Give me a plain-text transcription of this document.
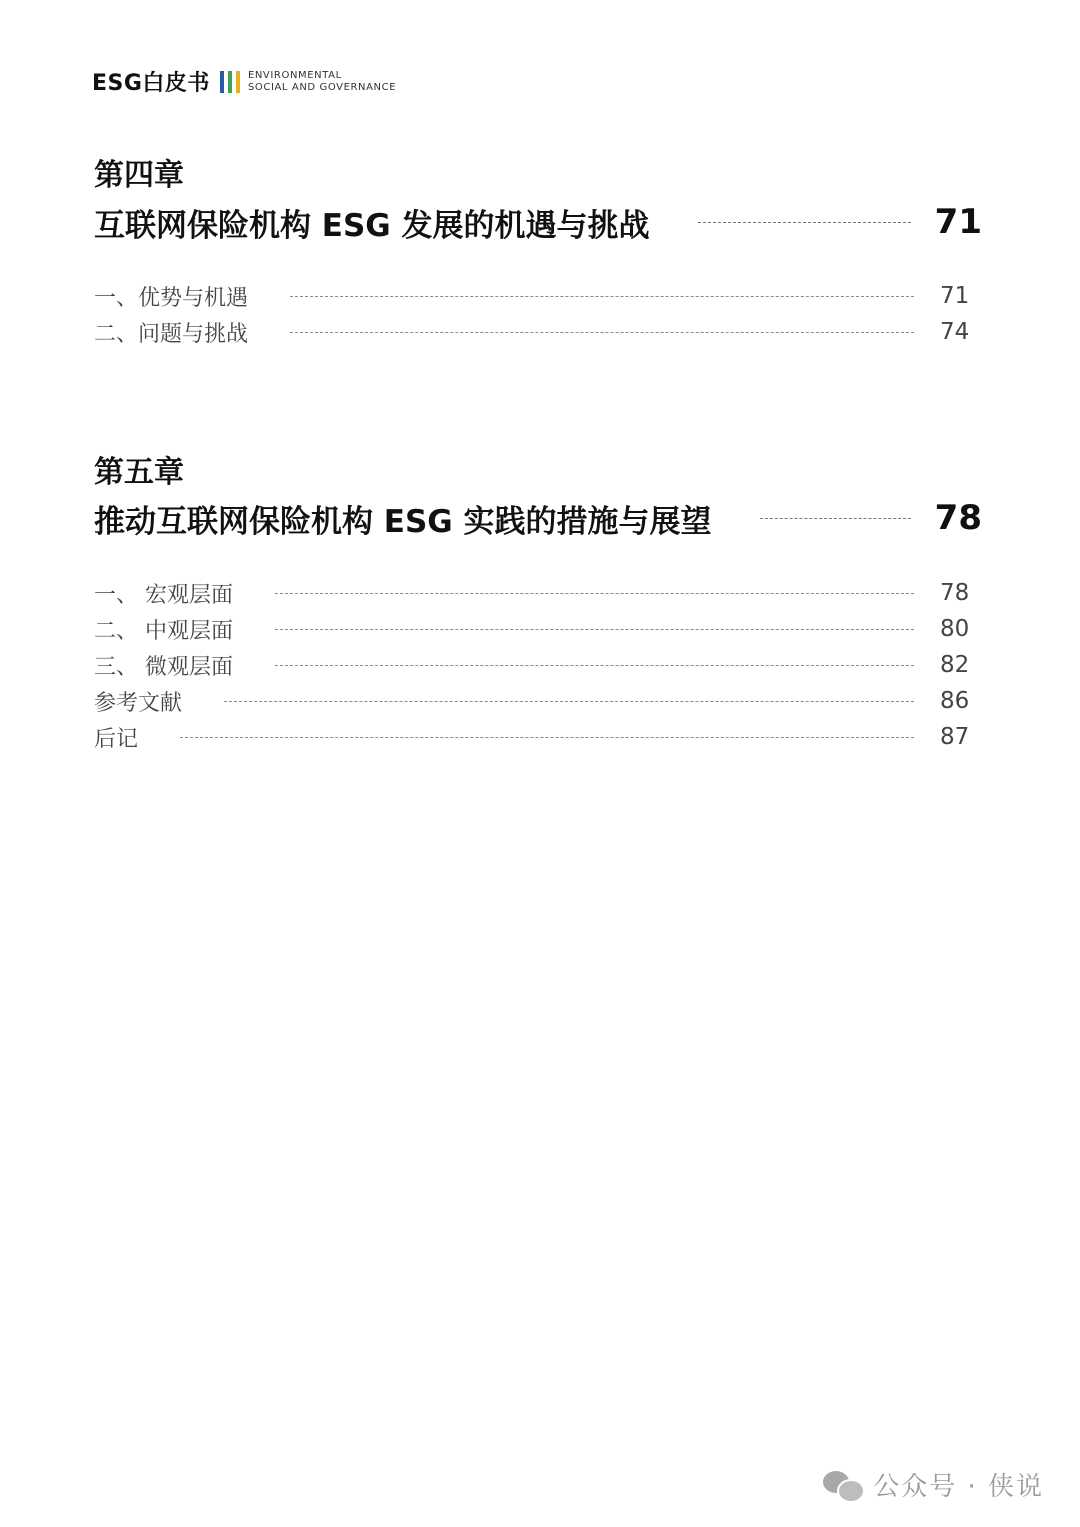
ESG白皮书	ENVIRONMENTAL
SOCIAL AND GOVERNANCE
第四章
互联网保险机构 ESG 发展的机遇与挑战	71
一、优势与机遇	71
二、问题与挑战	74
第五章
推动互联网保险机构 ESG 实践的措施与展望	78
一、 宏观层面	78
二、 中观层面	80
三、 微观层面	82
参考文献	86
后记	87
公众号 · 侠说
